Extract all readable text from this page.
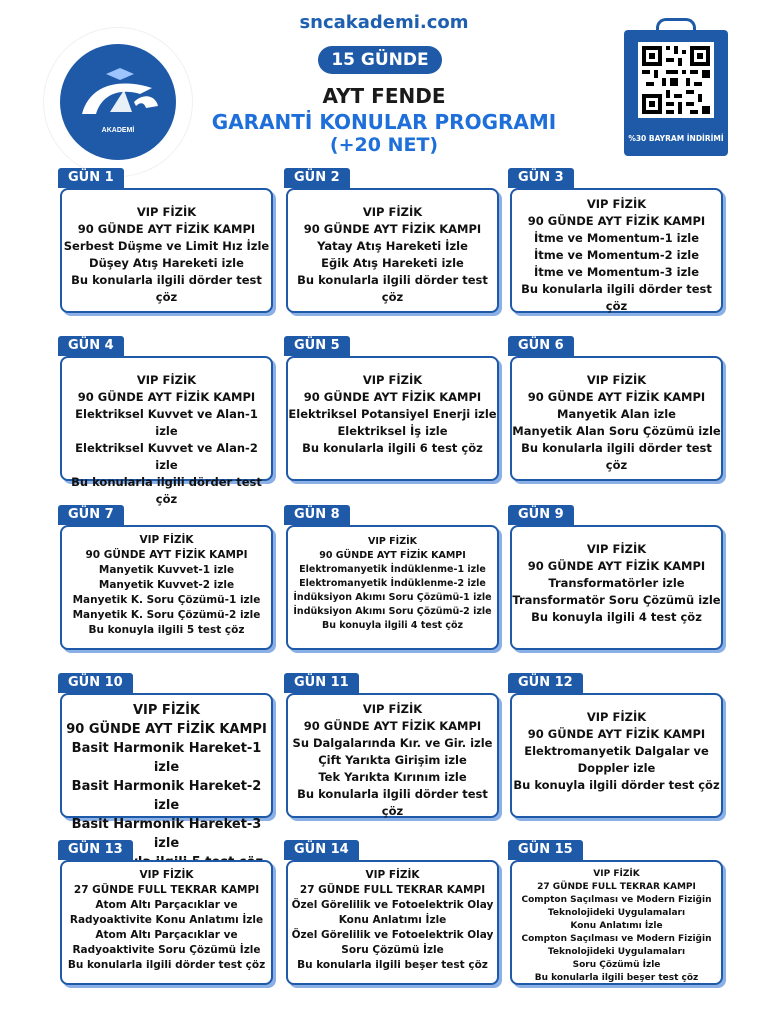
sncakademi.com
15 GÜNDE
AYT FENDE
GARANTİ KONULAR PROGRAMI
(+20 NET)
AKADEMİ
%30 BAYRAM İNDİRİMİ
GÜN 1
VIP FİZİK
90 GÜNDE AYT FİZİK KAMPI
Serbest Düşme ve Limit Hız İzle
Düşey Atış Hareketi izle
Bu konularla ilgili dörder test çöz
GÜN 2
VIP FİZİK
90 GÜNDE AYT FİZİK KAMPI
Yatay Atış Hareketi İzle
Eğik Atış Hareketi izle
Bu konularla ilgili dörder test çöz
GÜN 3
VIP FİZİK
90 GÜNDE AYT FİZİK KAMPI
İtme ve Momentum-1 izle
İtme ve Momentum-2 izle
İtme ve Momentum-3 izle
Bu konularla ilgili dörder test çöz
GÜN 4
VIP FİZİK
90 GÜNDE AYT FİZİK KAMPI
Elektriksel Kuvvet ve Alan-1 izle
Elektriksel Kuvvet ve Alan-2 izle
Bu konularla ilgili dörder test çöz
GÜN 5
VIP FİZİK
90 GÜNDE AYT FİZİK KAMPI
Elektriksel Potansiyel Enerji izle
Elektriksel İş izle
Bu konularla ilgili 6 test çöz
GÜN 6
VIP FİZİK
90 GÜNDE AYT FİZİK KAMPI
Manyetik Alan izle
Manyetik Alan Soru Çözümü izle
Bu konularla ilgili dörder test çöz
GÜN 7
VIP FİZİK
90 GÜNDE AYT FİZİK KAMPI
Manyetik Kuvvet-1 izle
Manyetik Kuvvet-2 izle
Manyetik K. Soru Çözümü-1 izle
Manyetik K. Soru Çözümü-2 izle
Bu konuyla ilgili 5 test çöz
GÜN 8
VIP FİZİK
90 GÜNDE AYT FİZİK KAMPI
Elektromanyetik İndüklenme-1 izle
Elektromanyetik İndüklenme-2 izle
İndüksiyon Akımı Soru Çözümü-1 izle
İndüksiyon Akımı Soru Çözümü-2 izle
Bu konuyla ilgili 4 test çöz
GÜN 9
VIP FİZİK
90 GÜNDE AYT FİZİK KAMPI
Transformatörler izle
Transformatör Soru Çözümü izle
Bu konuyla ilgili 4 test çöz
GÜN 10
VIP FİZİK
90 GÜNDE AYT FİZİK KAMPI
Basit Harmonik Hareket-1 izle
Basit Harmonik Hareket-2 izle
Basit Harmonik Hareket-3 izle
GÜN 11
VIP FİZİK
90 GÜNDE AYT FİZİK KAMPI
Su Dalgalarında Kır. ve Gir. izle
Çift Yarıkta Girişim izle
Tek Yarıkta Kırınım izle
Bu konularla ilgili dörder test çöz
GÜN 12
VIP FİZİK
90 GÜNDE AYT FİZİK KAMPI
Elektromanyetik Dalgalar ve
Doppler izle
Bu konuyla ilgili dörder test çöz
GÜN 13
VIP FİZİK
27 GÜNDE FULL TEKRAR KAMPI
Atom Altı Parçacıklar ve
Radyoaktivite Konu Anlatımı İzle
Atom Altı Parçacıklar ve
Radyoaktivite Soru Çözümü İzle
Bu konularla ilgili dörder test çöz
GÜN 14
VIP FİZİK
27 GÜNDE FULL TEKRAR KAMPI
Özel Görelilik ve Fotoelektrik Olay
Konu Anlatımı İzle
Özel Görelilik ve Fotoelektrik Olay
Soru Çözümü İzle
Bu konularla ilgili beşer test çöz
GÜN 15
VIP FİZİK
27 GÜNDE FULL TEKRAR KAMPI
Compton Saçılması ve Modern Fiziğin
Teknolojideki Uygulamaları
Konu Anlatımı İzle
Compton Saçılması ve Modern Fiziğin
Teknolojideki Uygulamaları
Soru Çözümü İzle
Bu konularla ilgili beşer test çöz
